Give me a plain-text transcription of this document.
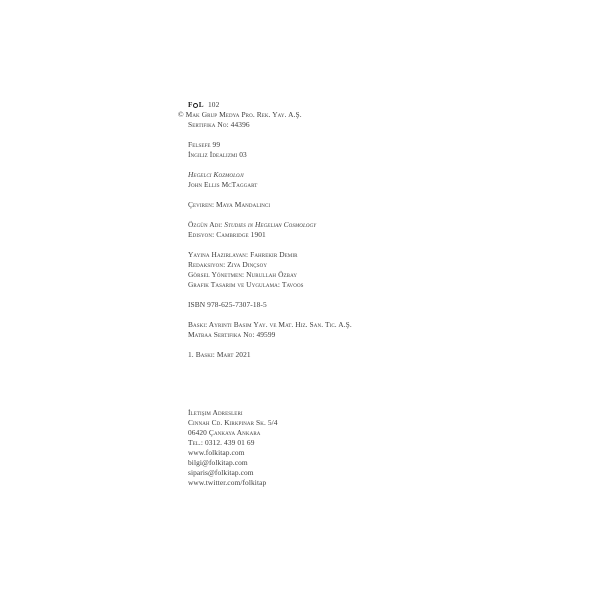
F L 102
© Mak Grup Medya Pro. Rek. Yay. A.Ş.
Sertifika No: 44396
Felsefe 99
İngiliz İdealizmi 03
Hegelci Kozmoloji
John Ellis McTaggart
Çeviren: Maya Mandalinci
Özgün Adı: Studies in Hegelian Cosmology
Edisyon: Cambridge 1901
Yayına Hazırlayan: Fahrekir Demir
Redaksiyon: Ziya Dinçsoy
Görsel Yönetmen: Nurullah Özbay
Grafik Tasarım ve Uygulama: Tavoos
ISBN 978-625-7307-18-5
Baskı: Ayrıntı Basım Yay. ve Mat. Hiz. San. Tic. A.Ş.
Matbaa Sertifika No: 49599
1. Baskı: Mart 2021
İletişim Adresleri
Cinnah Cd. Kirkpınar Sk. 5/4
06420 Çankaya Ankara
Tel.: 0312. 439 01 69
www.folkitap.com
bilgi@folkitap.com
siparis@folkitap.com
www.twitter.com/folkitap
